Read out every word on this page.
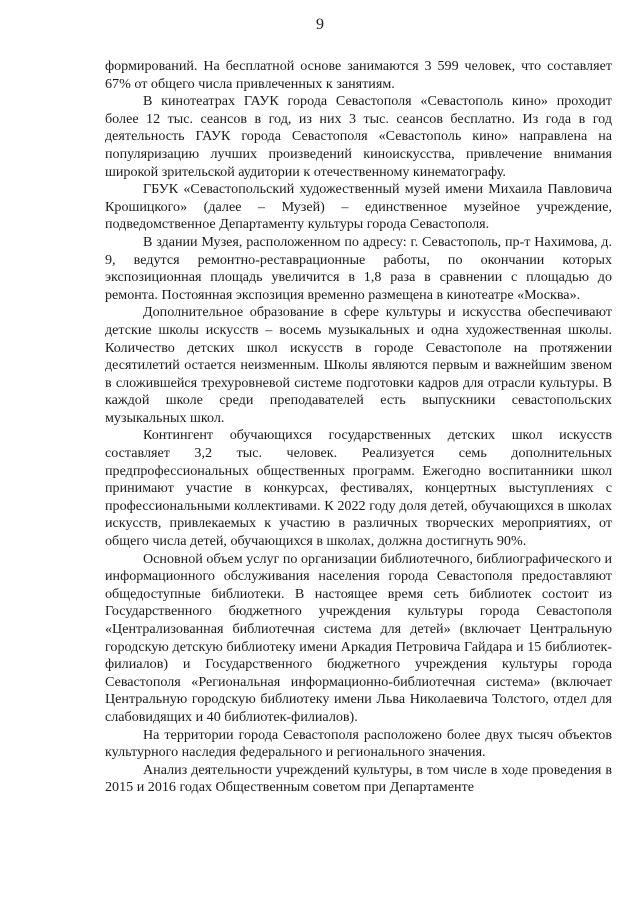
9

формирований. На бесплатной основе занимаются 3 599 человек, что составляет 67% от общего числа привлеченных к занятиям.

В кинотеатрах ГАУК города Севастополя «Севастополь кино» проходит более 12 тыс. сеансов в год, из них 3 тыс. сеансов бесплатно. Из года в год деятельность ГАУК города Севастополя «Севастополь кино» направлена на популяризацию лучших произведений киноискусства, привлечение внимания широкой зрительской аудитории к отечественному кинематографу.

ГБУК «Севастопольский художественный музей имени Михаила Павловича Крошицкого» (далее – Музей) – единственное музейное учреждение, подведомственное Департаменту культуры города Севастополя.

В здании Музея, расположенном по адресу: г. Севастополь, пр-т Нахимова, д. 9, ведутся ремонтно-реставрационные работы, по окончании которых экспозиционная площадь увеличится в 1,8 раза в сравнении с площадью до ремонта. Постоянная экспозиция временно размещена в кинотеатре «Москва».

Дополнительное образование в сфере культуры и искусства обеспечивают детские школы искусств – восемь музыкальных и одна художественная школы. Количество детских школ искусств в городе Севастополе на протяжении десятилетий остается неизменным. Школы являются первым и важнейшим звеном в сложившейся трехуровневой системе подготовки кадров для отрасли культуры. В каждой школе среди преподавателей есть выпускники севастопольских музыкальных школ.

Контингент обучающихся государственных детских школ искусств составляет 3,2 тыс. человек. Реализуется семь дополнительных предпрофессиональных общественных программ. Ежегодно воспитанники школ принимают участие в конкурсах, фестивалях, концертных выступлениях с профессиональными коллективами. К 2022 году доля детей, обучающихся в школах искусств, привлекаемых к участию в различных творческих мероприятиях, от общего числа детей, обучающихся в школах, должна достигнуть 90%.

Основной объем услуг по организации библиотечного, библиографического и информационного обслуживания населения города Севастополя предоставляют общедоступные библиотеки. В настоящее время сеть библиотек состоит из Государственного бюджетного учреждения культуры города Севастополя «Централизованная библиотечная система для детей» (включает Центральную городскую детскую библиотеку имени Аркадия Петровича Гайдара и 15 библиотек-филиалов) и Государственного бюджетного учреждения культуры города Севастополя «Региональная информационно-библиотечная система» (включает Центральную городскую библиотеку имени Льва Николаевича Толстого, отдел для слабовидящих и 40 библиотек-филиалов).

На территории города Севастополя расположено более двух тысяч объектов культурного наследия федерального и регионального значения.

Анализ деятельности учреждений культуры, в том числе в ходе проведения в 2015 и 2016 годах Общественным советом при Департаменте
